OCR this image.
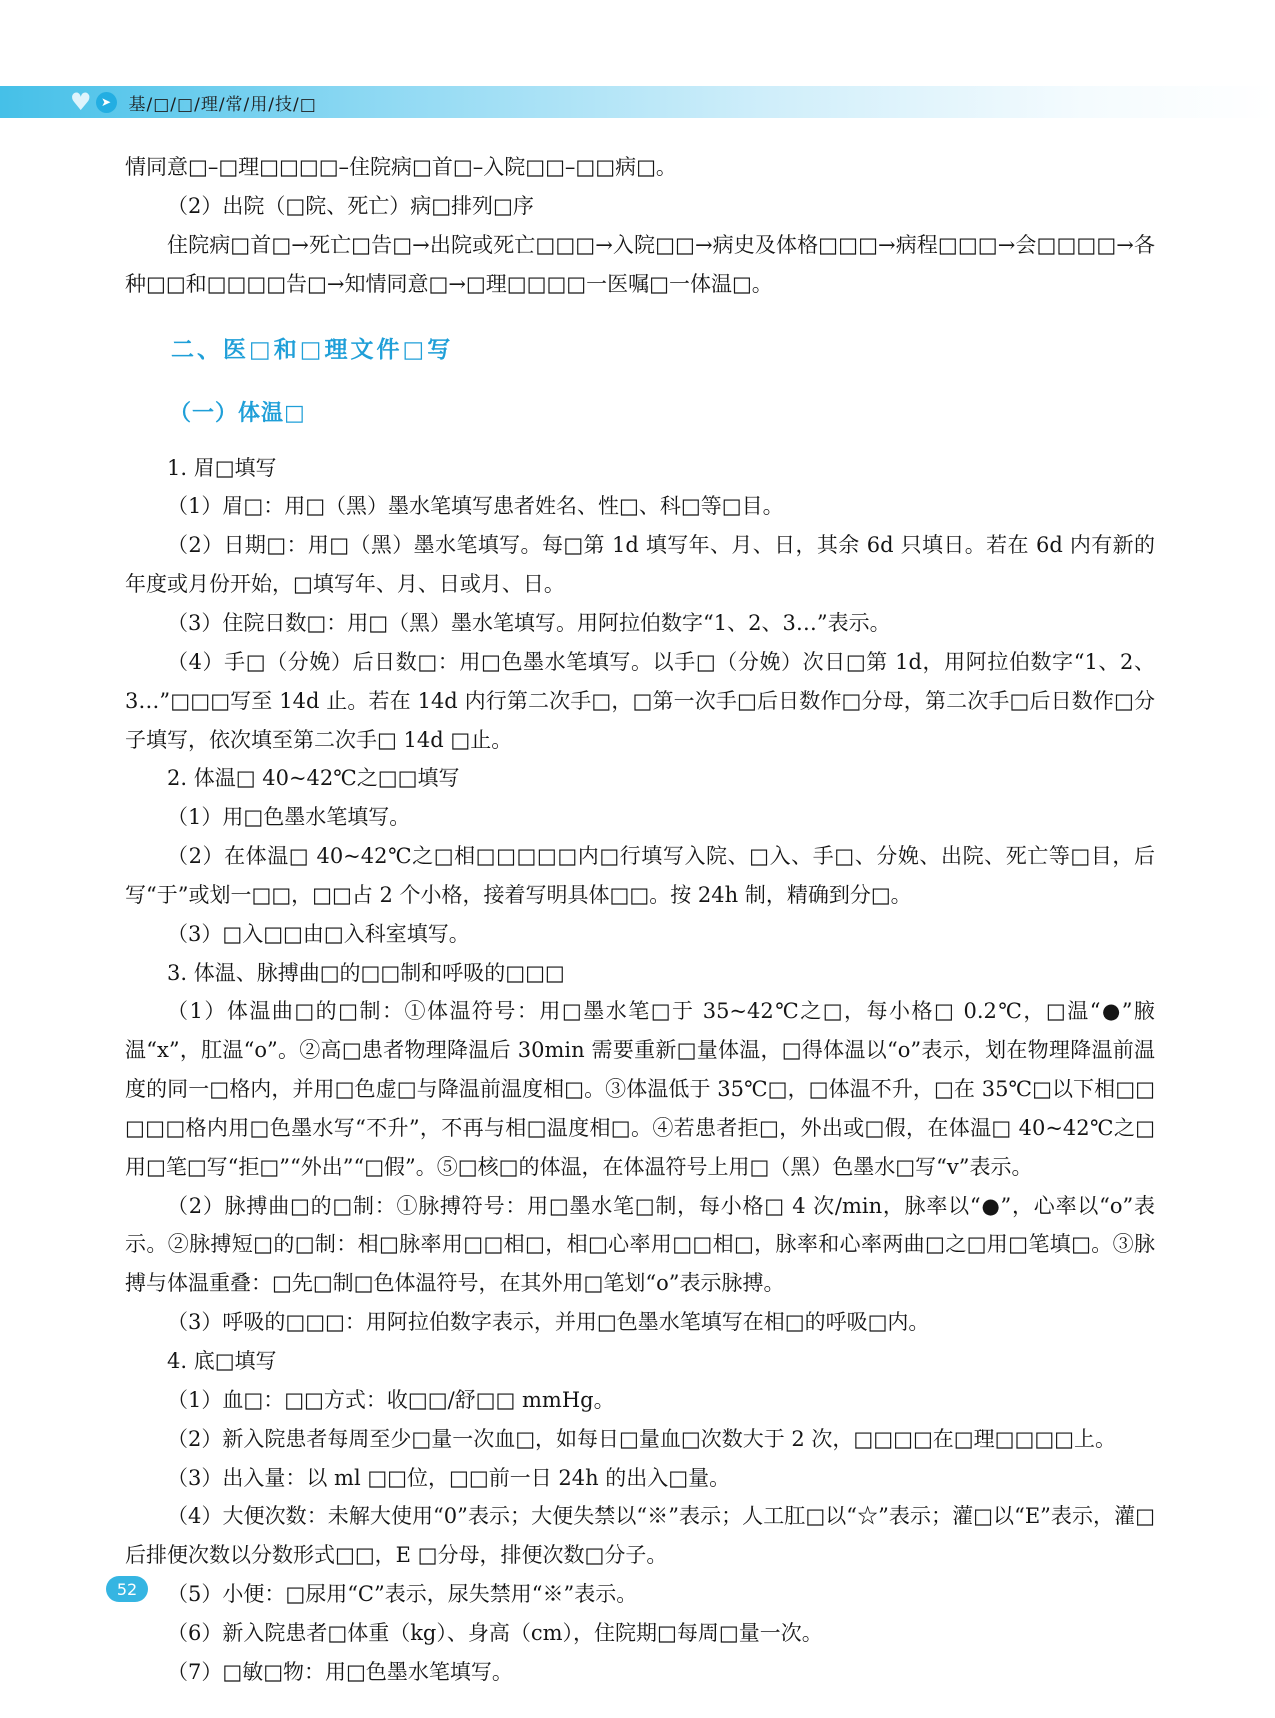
♥ ➤	基/□/□/理/常/用/技/□

情同意□–□理□□□□–住院病□首□–入院□□–□□病□。

（2）出院（□院、死亡）病□排列□序

住院病□首□→死亡□告□→出院或死亡□□□→入院□□→病史及体格□□□→病程□□□→会□□□□→各种□□和□□□□告□→知情同意□→□理□□□□一医嘱□一体温□。

二、医□和□理文件□写

（一）体温□

1. 眉□填写

（1）眉□：用□（黑）墨水笔填写患者姓名、性□、科□等□目。

（2）日期□：用□（黑）墨水笔填写。每□第 1d 填写年、月、日，其余 6d 只填日。若在 6d 内有新的年度或月份开始，□填写年、月、日或月、日。

（3）住院日数□：用□（黑）墨水笔填写。用阿拉伯数字“1、2、3…”表示。

（4）手□（分娩）后日数□：用□色墨水笔填写。以手□（分娩）次日□第 1d，用阿拉伯数字“1、2、3…”□□□写至 14d 止。若在 14d 内行第二次手□，□第一次手□后日数作□分母，第二次手□后日数作□分子填写，依次填至第二次手□ 14d □止。

2. 体温□ 40~42℃之□□填写

（1）用□色墨水笔填写。

（2）在体温□ 40~42℃之□相□□□□□内□行填写入院、□入、手□、分娩、出院、死亡等□目，后写“于”或划一□□，□□占 2 个小格，接着写明具体□□。按 24h 制，精确到分□。

（3）□入□□由□入科室填写。

3. 体温、脉搏曲□的□□制和呼吸的□□□

（1）体温曲□的□制：①体温符号：用□墨水笔□于 35~42℃之□，每小格□ 0.2℃，□温“●”腋温“x”，肛温“o”。②高□患者物理降温后 30min 需要重新□量体温，□得体温以“o”表示，划在物理降温前温度的同一□格内，并用□色虚□与降温前温度相□。③体温低于 35℃□，□体温不升，□在 35℃□以下相□□□□□格内用□色墨水写“不升”，不再与相□温度相□。④若患者拒□，外出或□假，在体温□ 40~42℃之□用□笔□写“拒□”“外出”“□假”。⑤□核□的体温，在体温符号上用□（黑）色墨水□写“v”表示。

（2）脉搏曲□的□制：①脉搏符号：用□墨水笔□制，每小格□ 4 次/min，脉率以“●”，心率以“o”表示。②脉搏短□的□制：相□脉率用□□相□，相□心率用□□相□，脉率和心率两曲□之□用□笔填□。③脉搏与体温重叠：□先□制□色体温符号，在其外用□笔划“o”表示脉搏。

（3）呼吸的□□□：用阿拉伯数字表示，并用□色墨水笔填写在相□的呼吸□内。

4. 底□填写

（1）血□：□□方式：收□□/舒□□ mmHg。

（2）新入院患者每周至少□量一次血□，如每日□量血□次数大于 2 次，□□□□在□理□□□□上。

（3）出入量：以 ml □□位，□□前一日 24h 的出入□量。

（4）大便次数：未解大使用“0”表示；大便失禁以“※”表示；人工肛□以“☆”表示；灌□以“E”表示，灌□后排便次数以分数形式□□，E □分母，排便次数□分子。

（5）小便：□尿用“C”表示，尿失禁用“※”表示。

（6）新入院患者□体重（kg）、身高（cm），住院期□每周□量一次。

（7）□敏□物：用□色墨水笔填写。

52
